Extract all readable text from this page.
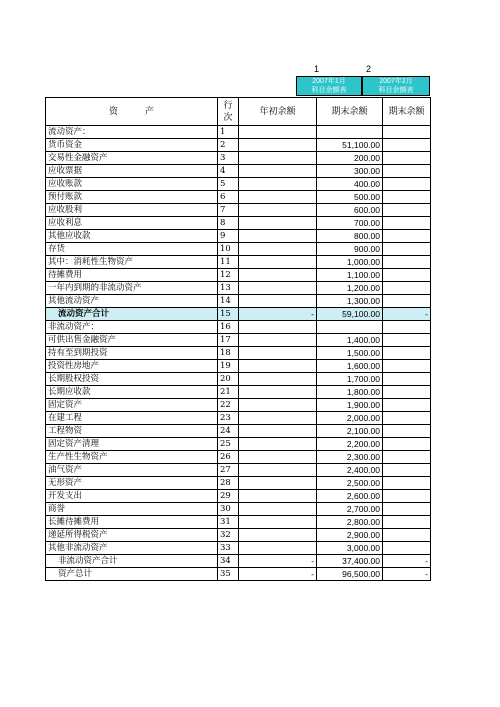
1	2
2007年1月
科目余额表
2007年2月
科目余额表
资　　　产	行
次	年初余额	期末余额	期末余额
流动资产：	1			
货币资金	2		51,100.00	
交易性金融资产	3		200.00	
应收票据	4		300.00	
应收账款	5		400.00	
预付账款	6		500.00	
应收股利	7		600.00	
应收利息	8		700.00	
其他应收款	9		800.00	
存货	10		900.00	
其中：消耗性生物资产	11		1,000.00	
待摊费用	12		1,100.00	
一年内到期的非流动资产	13		1,200.00	
其他流动资产	14		1,300.00	
流动资产合计	15	-	59,100.00	-
非流动资产：	16			
可供出售金融资产	17		1,400.00	
持有至到期投资	18		1,500.00	
投资性房地产	19		1,600.00	
长期股权投资	20		1,700.00	
长期应收款	21		1,800.00	
固定资产	22		1,900.00	
在建工程	23		2,000.00	
工程物资	24		2,100.00	
固定资产清理	25		2,200.00	
生产性生物资产	26		2,300.00	
油气资产	27		2,400.00	
无形资产	28		2,500.00	
开发支出	29		2,600.00	
商誉	30		2,700.00	
长摊待摊费用	31		2,800.00	
递延所得税资产	32		2,900.00	
其他非流动资产	33		3,000.00	
非流动资产合计	34	-	37,400.00	-
资产总计	35	-	96,500.00	-
